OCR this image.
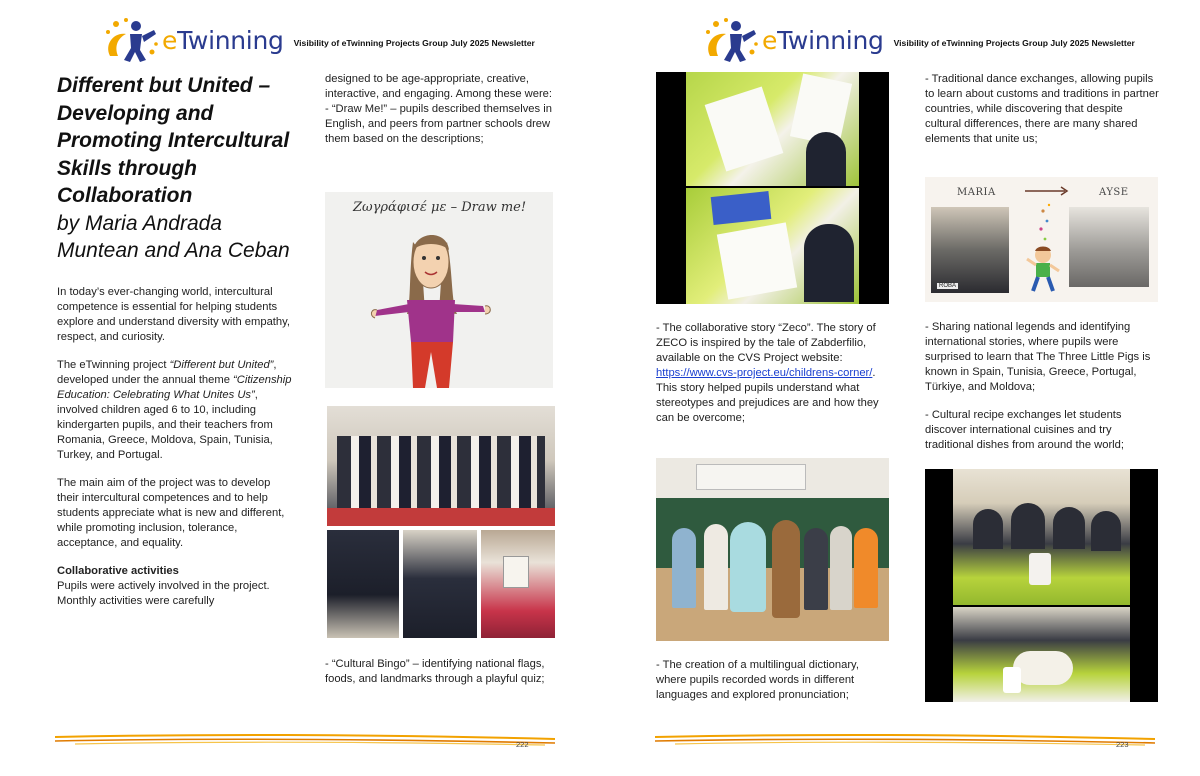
eTwinning Visibility of eTwinning Projects Group July 2025 Newsletter
Different but United – Developing and Promoting Intercultural Skills through Collaboration
by Maria Andrada Muntean and Ana Ceban

In today’s ever-changing world, intercultural competence is essential for helping students explore and understand diversity with empathy, respect, and curiosity.

The eTwinning project “Different but United”, developed under the annual theme “Citizenship Education: Celebrating What Unites Us”, involved children aged 6 to 10, including kindergarten pupils, and their teachers from Romania, Greece, Moldova, Spain, Tunisia, Turkey, and Portugal.

The main aim of the project was to develop their intercultural competences and to help students appreciate what is new and different, while promoting inclusion, tolerance, acceptance, and equality.

Collaborative activities

Pupils were actively involved in the project. Monthly activities were carefully

designed to be age-appropriate, creative, interactive, and engaging. Among these were:

- “Draw Me!” – pupils described themselves in English, and peers from partner schools drew them based on the descriptions;

Ζωγράφισέ με – Draw me!

- “Cultural Bingo” – identifying national flags, foods, and landmarks through a playful quiz;

222
eTwinning Visibility of eTwinning Projects Group July 2025 Newsletter

- The collaborative story “Zeco”. The story of ZECO is inspired by the tale of Zabderfilio, available on the CVS Project website: https://www.cvs-project.eu/childrens-corner/. This story helped pupils understand what stereotypes and prejudices are and how they can be overcome;

- The creation of a multilingual dictionary, where pupils recorded words in different languages and explored pronunciation;

- Traditional dance exchanges, allowing pupils to learn about customs and traditions in partner countries, while discovering that despite cultural differences, there are many shared elements that unite us;

MARIA	AYSE
ROBA

- Sharing national legends and identifying international stories, where pupils were surprised to learn that The Three Little Pigs is known in Spain, Tunisia, Greece, Portugal, Türkiye, and Moldova;

- Cultural recipe exchanges let students discover international cuisines and try traditional dishes from around the world;

223
